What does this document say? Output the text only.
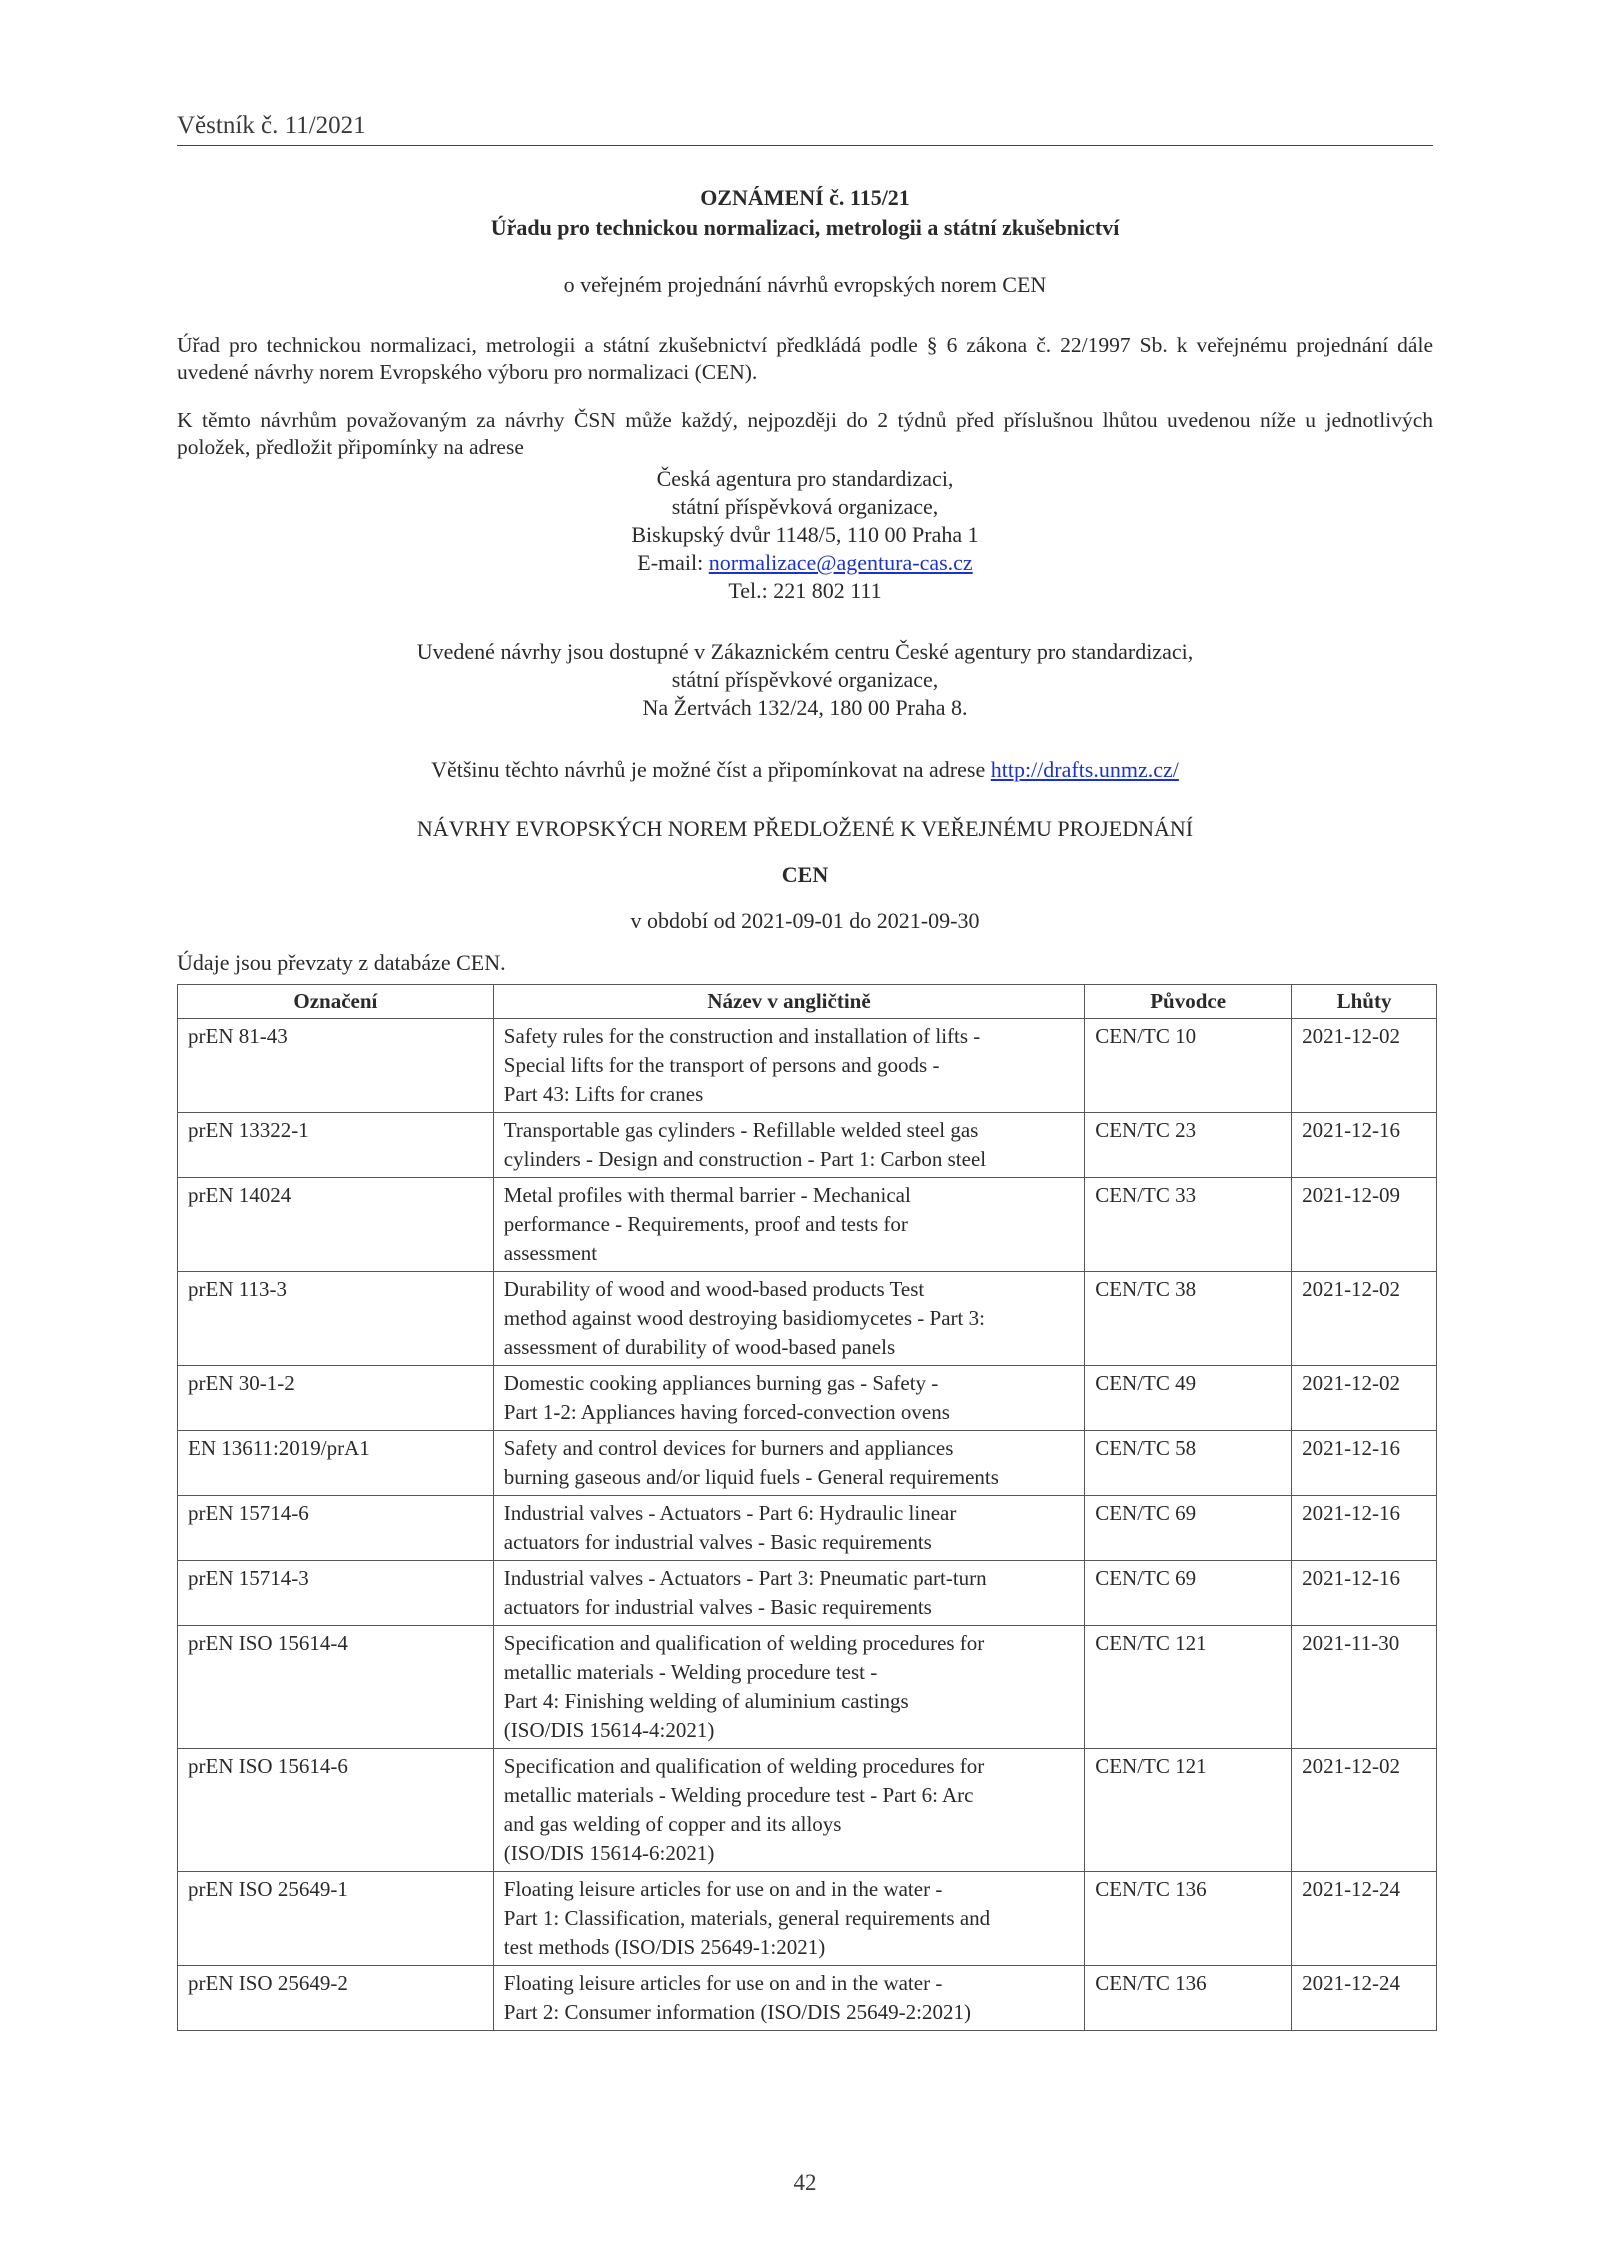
Věstník č. 11/2021
OZNÁMENÍ č. 115/21
Úřadu pro technickou normalizaci, metrologii a státní zkušebnictví
o veřejném projednání návrhů evropských norem CEN
Úřad pro technickou normalizaci, metrologii a státní zkušebnictví předkládá podle § 6 zákona č. 22/1997 Sb. k veřejnému projednání dále uvedené návrhy norem Evropského výboru pro normalizaci (CEN).
K těmto návrhům považovaným za návrhy ČSN může každý, nejpozději do 2 týdnů před příslušnou lhůtou uvedenou níže u jednotlivých položek, předložit připomínky na adrese
Česká agentura pro standardizaci,
státní příspěvková organizace,
Biskupský dvůr 1148/5, 110 00 Praha 1
E-mail: normalizace@agentura-cas.cz
Tel.: 221 802 111
Uvedené návrhy jsou dostupné v Zákaznickém centru České agentury pro standardizaci,
státní příspěvkové organizace,
Na Žertvách 132/24, 180 00 Praha 8.
Většinu těchto návrhů je možné číst a připomínkovat na adrese http://drafts.unmz.cz/
NÁVRHY EVROPSKÝCH NOREM PŘEDLOŽENÉ K VEŘEJNÉMU PROJEDNÁNÍ
CEN
v období od 2021-09-01 do 2021-09-30
Údaje jsou převzaty z databáze CEN.
Označení	Název v angličtině	Původce	Lhůty
prEN 81-43	Safety rules for the construction and installation of lifts -
Special lifts for the transport of persons and goods -
Part 43: Lifts for cranes	CEN/TC 10	2021-12-02
prEN 13322-1	Transportable gas cylinders - Refillable welded steel gas
cylinders - Design and construction - Part 1: Carbon steel	CEN/TC 23	2021-12-16
prEN 14024	Metal profiles with thermal barrier - Mechanical
performance - Requirements, proof and tests for
assessment	CEN/TC 33	2021-12-09
prEN 113-3	Durability of wood and wood-based products Test
method against wood destroying basidiomycetes - Part 3:
assessment of durability of wood-based panels	CEN/TC 38	2021-12-02
prEN 30-1-2	Domestic cooking appliances burning gas - Safety -
Part 1-2: Appliances having forced-convection ovens	CEN/TC 49	2021-12-02
EN 13611:2019/prA1	Safety and control devices for burners and appliances
burning gaseous and/or liquid fuels - General requirements	CEN/TC 58	2021-12-16
prEN 15714-6	Industrial valves - Actuators - Part 6: Hydraulic linear
actuators for industrial valves - Basic requirements	CEN/TC 69	2021-12-16
prEN 15714-3	Industrial valves - Actuators - Part 3: Pneumatic part-turn
actuators for industrial valves - Basic requirements	CEN/TC 69	2021-12-16
prEN ISO 15614-4	Specification and qualification of welding procedures for
metallic materials - Welding procedure test -
Part 4: Finishing welding of aluminium castings
(ISO/DIS 15614-4:2021)	CEN/TC 121	2021-11-30
prEN ISO 15614-6	Specification and qualification of welding procedures for
metallic materials - Welding procedure test - Part 6: Arc
and gas welding of copper and its alloys
(ISO/DIS 15614-6:2021)	CEN/TC 121	2021-12-02
prEN ISO 25649-1	Floating leisure articles for use on and in the water -
Part 1: Classification, materials, general requirements and
test methods (ISO/DIS 25649-1:2021)	CEN/TC 136	2021-12-24
prEN ISO 25649-2	Floating leisure articles for use on and in the water -
Part 2: Consumer information (ISO/DIS 25649-2:2021)	CEN/TC 136	2021-12-24
42
